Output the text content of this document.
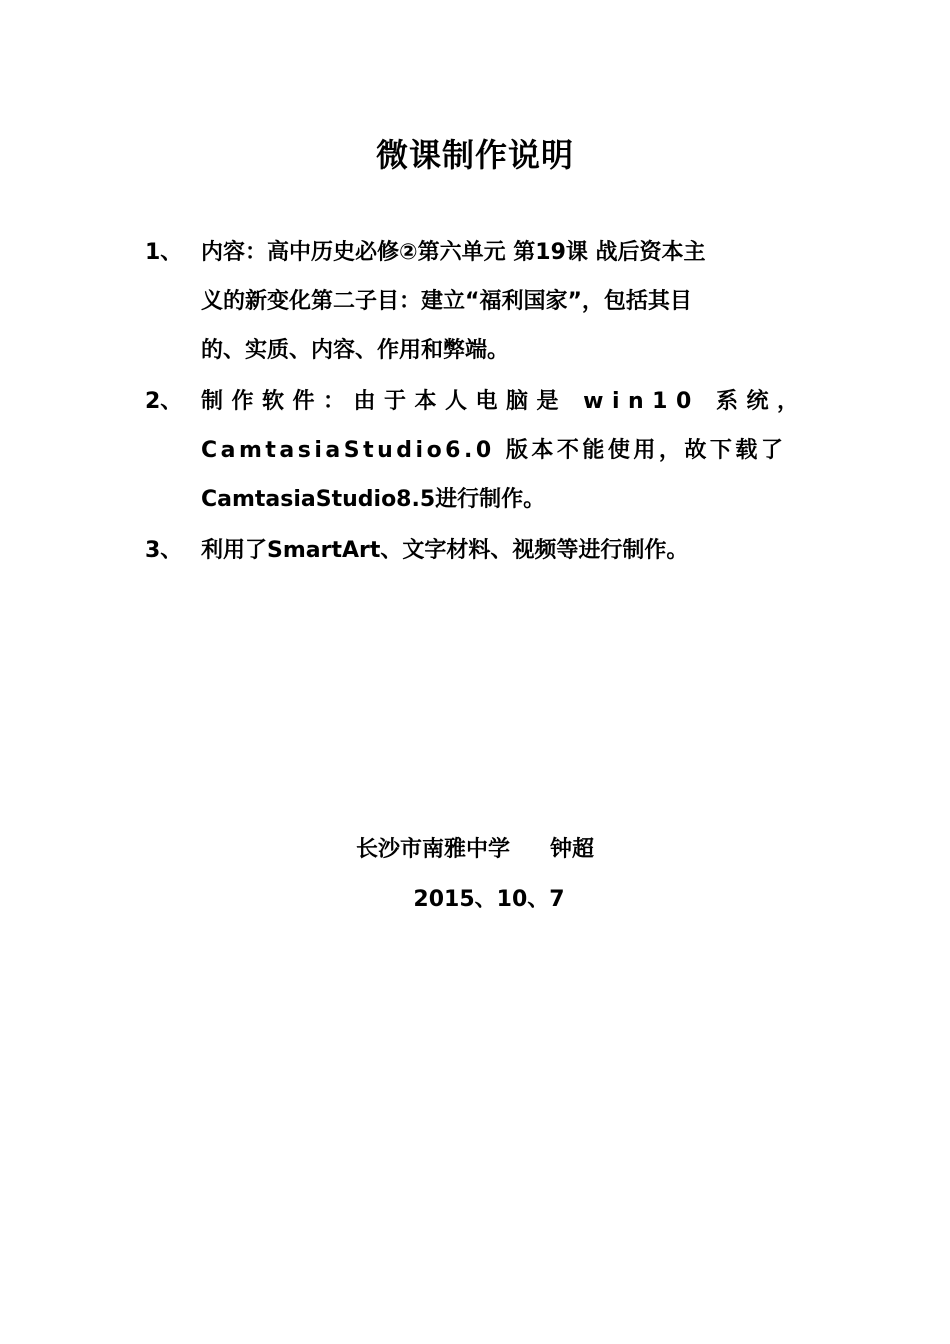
微课制作说明
1、 内容：高中历史必修②第六单元 第19课 战后资本主
义的新变化第二子目：建立“福利国家”，包括其目
的、实质、内容、作用和弊端。
2、 制作软件：由于本人电脑是 win10 系统，
CamtasiaStudio6.0 版本不能使用，故下载了
CamtasiaStudio8.5进行制作。
3、 利用了SmartArt、文字材料、视频等进行制作。
长沙市南雅中学 钟超
2015、10、7
